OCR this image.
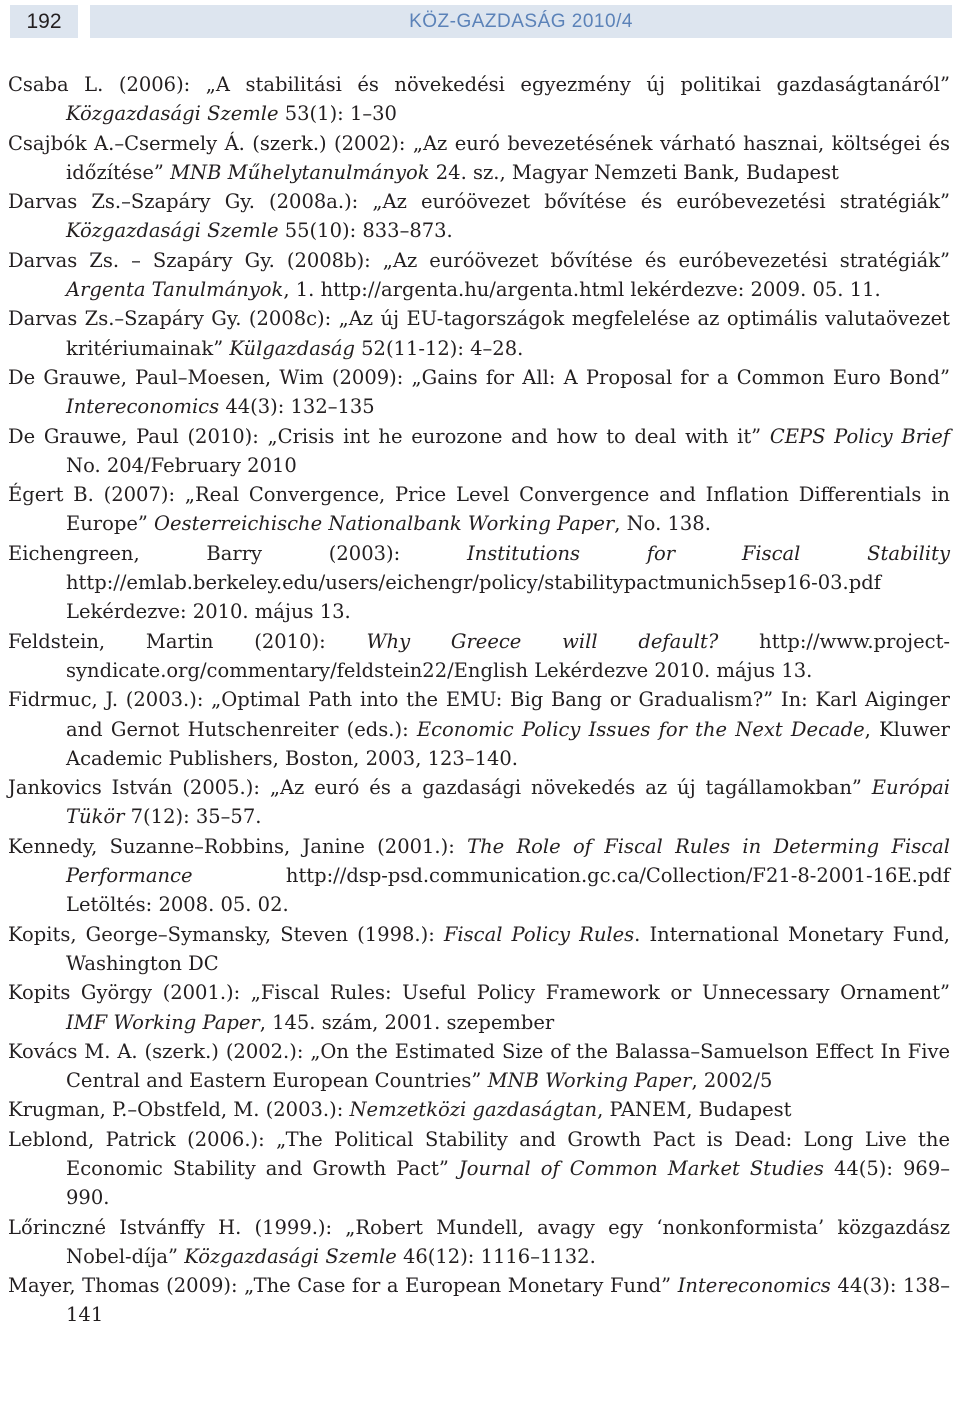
192	KÖZ-GAZDASÁG 2010/4
Csaba L. (2006): „A stabilitási és növekedési egyezmény új politikai gazdaságtanáról” Közgazdasági Szemle 53(1): 1–30
Csajbók A.–Csermely Á. (szerk.) (2002): „Az euró bevezetésének várható hasznai, költségei és időzítése” MNB Műhelytanulmányok 24. sz., Magyar Nemzeti Bank, Budapest
Darvas Zs.–Szapáry Gy. (2008a.): „Az euróövezet bővítése és euróbevezetési stratégiák” Közgazdasági Szemle 55(10): 833–873.
Darvas Zs. – Szapáry Gy. (2008b): „Az euróövezet bővítése és euróbevezetési stratégiák” Argenta Tanulmányok, 1. http://argenta.hu/argenta.html lekérdezve: 2009. 05. 11.
Darvas Zs.–Szapáry Gy. (2008c): „Az új EU-tagországok megfelelése az optimális valutaövezet kritériumainak” Külgazdaság 52(11-12): 4–28.
De Grauwe, Paul–Moesen, Wim (2009): „Gains for All: A Proposal for a Common Euro Bond” Intereconomics 44(3): 132–135
De Grauwe, Paul (2010): „Crisis int he eurozone and how to deal with it” CEPS Policy Brief No. 204/February 2010
Égert B. (2007): „Real Convergence, Price Level Convergence and Inflation Differentials in Europe” Oesterreichische Nationalbank Working Paper, No. 138.
Eichengreen, Barry (2003): Institutions for Fiscal Stability http://emlab.berkeley.edu/users/eichengr/policy/stabilitypactmunich5sep16-03.pdf Lekérdezve: 2010. május 13.
Feldstein, Martin (2010): Why Greece will default? http://www.project-syndicate.org/commentary/feldstein22/English Lekérdezve 2010. május 13.
Fidrmuc, J. (2003.): „Optimal Path into the EMU: Big Bang or Gradualism?” In: Karl Aiginger and Gernot Hutschenreiter (eds.): Economic Policy Issues for the Next Decade, Kluwer Academic Publishers, Boston, 2003, 123–140.
Jankovics István (2005.): „Az euró és a gazdasági növekedés az új tagállamokban” Európai Tükör 7(12): 35–57.
Kennedy, Suzanne–Robbins, Janine (2001.): The Role of Fiscal Rules in Determing Fiscal Performance http://dsp-psd.communication.gc.ca/Collection/F21-8-2001-16E.pdf Letöltés: 2008. 05. 02.
Kopits, George–Symansky, Steven (1998.): Fiscal Policy Rules. International Monetary Fund, Washington DC
Kopits György (2001.): „Fiscal Rules: Useful Policy Framework or Unnecessary Ornament” IMF Working Paper, 145. szám, 2001. szepember
Kovács M. A. (szerk.) (2002.): „On the Estimated Size of the Balassa–Samuelson Effect In Five Central and Eastern European Countries” MNB Working Paper, 2002/5
Krugman, P.–Obstfeld, M. (2003.): Nemzetközi gazdaságtan, PANEM, Budapest
Leblond, Patrick (2006.): „The Political Stability and Growth Pact is Dead: Long Live the Economic Stability and Growth Pact” Journal of Common Market Studies 44(5): 969–990.
Lőrinczné Istvánffy H. (1999.): „Robert Mundell, avagy egy ‘nonkonformista’ közgazdász Nobel-díja” Közgazdasági Szemle 46(12): 1116–1132.
Mayer, Thomas (2009): „The Case for a European Monetary Fund” Intereconomics 44(3): 138–141
